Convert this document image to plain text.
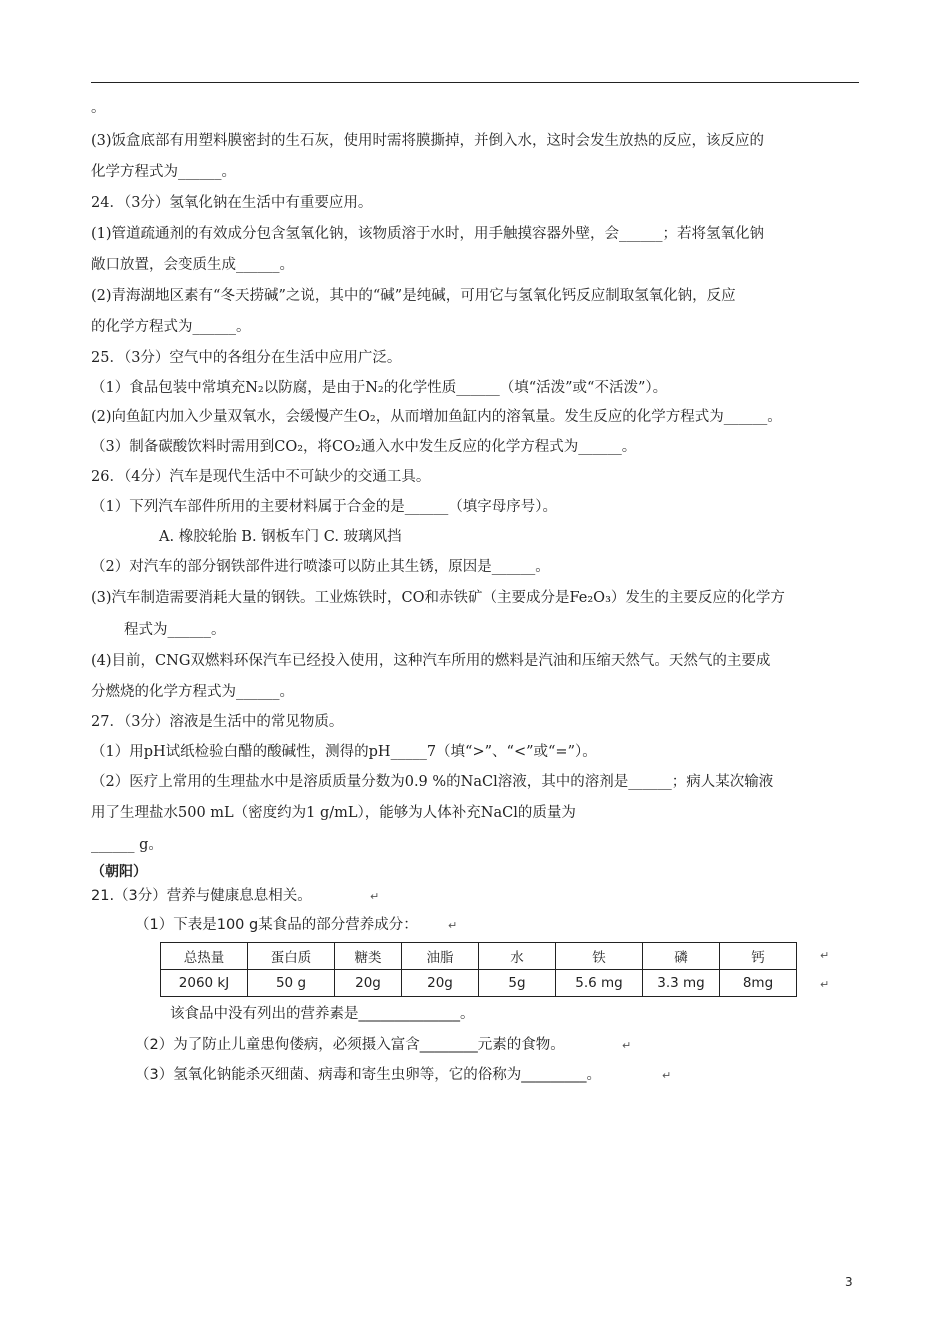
。
(3)饭盒底部有用塑料膜密封的生石灰，使用时需将膜撕掉，并倒入水，这时会发生放热的反应，该反应的
化学方程式为______。
24．（3分）氢氧化钠在生活中有重要应用。
(1)管道疏通剂的有效成分包含氢氧化钠，该物质溶于水时，用手触摸容器外壁，会______；若将氢氧化钠
敞口放置，会变质生成______。
(2)青海湖地区素有“冬天捞碱”之说，其中的“碱”是纯碱，可用它与氢氧化钙反应制取氢氧化钠，反应
的化学方程式为______。
25．（3分）空气中的各组分在生活中应用广泛。
（1）食品包装中常填充N₂以防腐，是由于N₂的化学性质______（填“活泼”或“不活泼”）。
(2)向鱼缸内加入少量双氧水，会缓慢产生O₂，从而增加鱼缸内的溶氧量。发生反应的化学方程式为______。
（3）制备碳酸饮料时需用到CO₂，将CO₂通入水中发生反应的化学方程式为______。
26．（4分）汽车是现代生活中不可缺少的交通工具。
（1）下列汽车部件所用的主要材料属于合金的是______（填字母序号）。
A. 橡胶轮胎 B. 钢板车门 C. 玻璃风挡
（2）对汽车的部分钢铁部件进行喷漆可以防止其生锈，原因是______。
(3)汽车制造需要消耗大量的钢铁。工业炼铁时，CO和赤铁矿（主要成分是Fe₂O₃）发生的主要反应的化学方
程式为______。
(4)目前，CNG双燃料环保汽车已经投入使用，这种汽车所用的燃料是汽油和压缩天然气。天然气的主要成
分燃烧的化学方程式为______。
27．（3分）溶液是生活中的常见物质。
（1）用pH试纸检验白醋的酸碱性，测得的pH_____7（填“>”、“<”或“=”）。
（2）医疗上常用的生理盐水中是溶质质量分数为0.9 %的NaCl溶液，其中的溶剂是______；病人某次输液
用了生理盐水500 mL（密度约为1 g/mL），能够为人体补充NaCl的质量为
______ g。
（朝阳）
21.（3分）营养与健康息息相关。	↵
（1）下表是100 g某食品的部分营养成分：	↵
总热量	蛋白质	糖类	油脂	水	铁	磷	钙
2060 kJ	50 g	20g	20g	5g	5.6 mg	3.3 mg	8mg
↵
↵
该食品中没有列出的营养素是______________。
（2）为了防止儿童患佝偻病，必须摄入富含________元素的食物。	↵
（3）氢氧化钠能杀灭细菌、病毒和寄生虫卵等，它的俗称为_________。	↵
3
